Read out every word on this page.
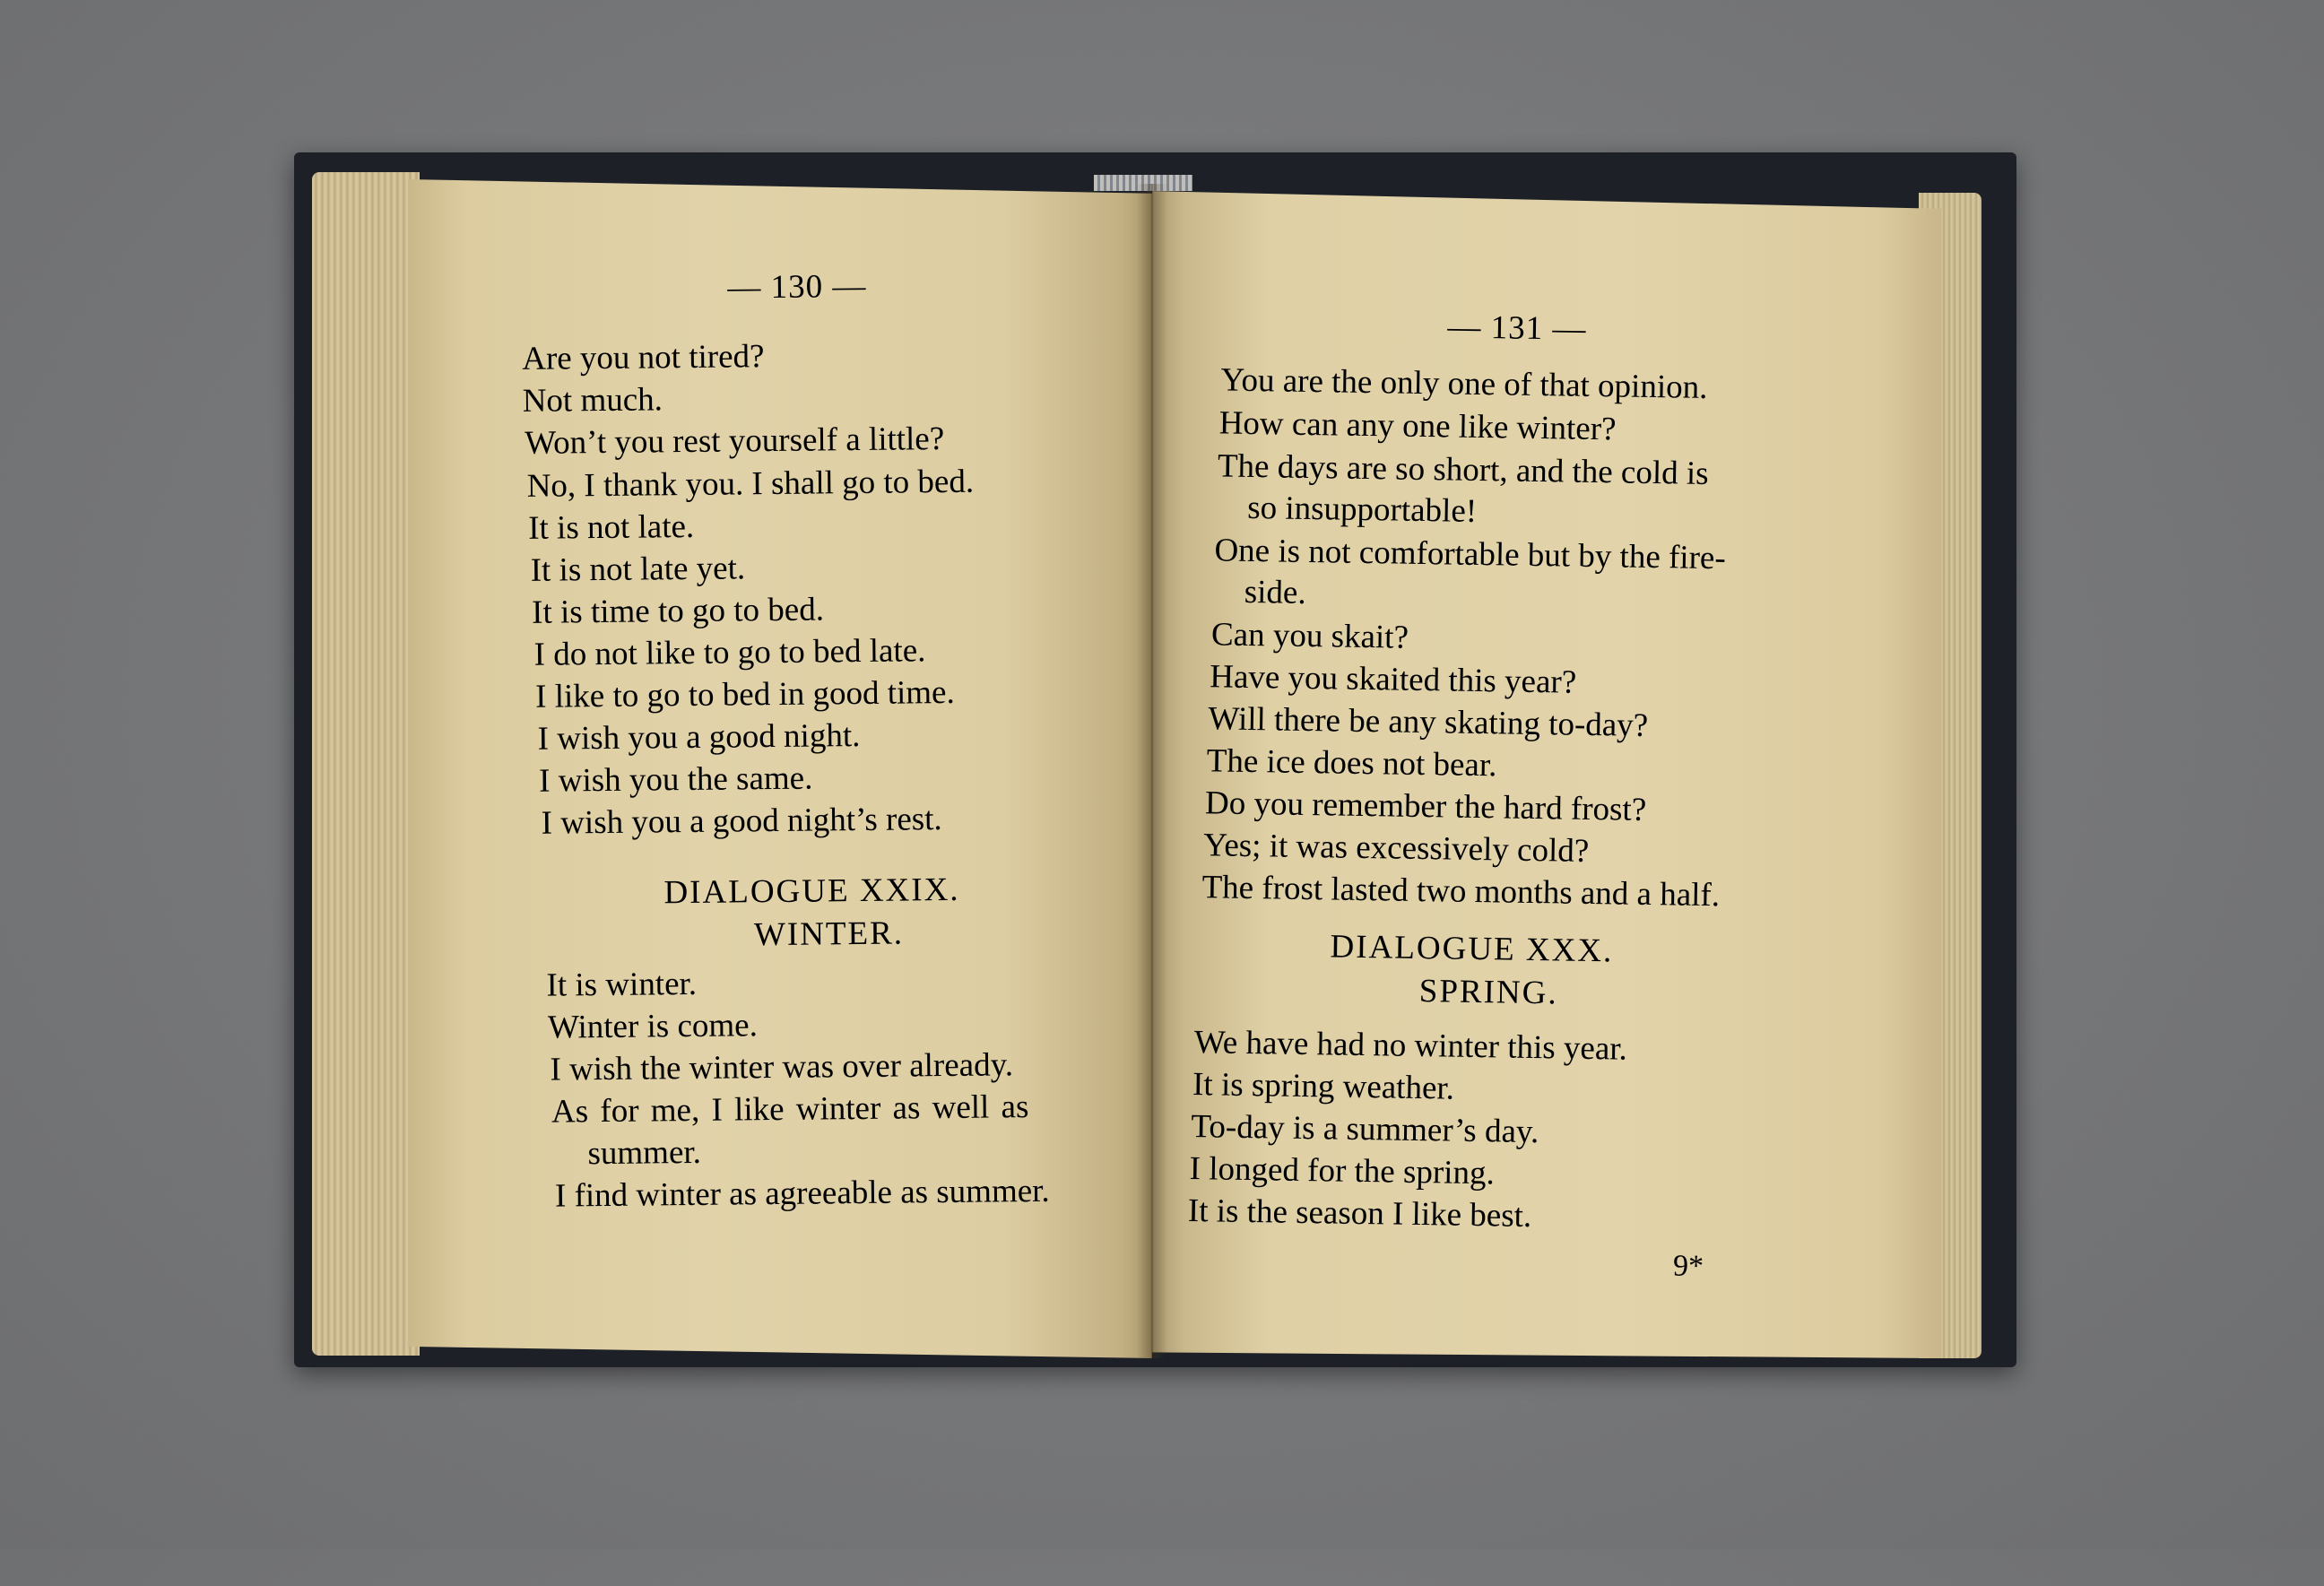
— 130 —
Are you not tired?
Not much.
Won’t you rest yourself a little?
No, I thank you. I shall go to bed.
It is not late.
It is not late yet.
It is time to go to bed.
I do not like to go to bed late.
I like to go to bed in good time.
I wish you a good night.
I wish you the same.
I wish you a good night’s rest.
DIALOGUE XXIX.
WINTER.
It is winter.
Winter is come.
I wish the winter was over already.
As for me, I like winter as well as
summer.
I find winter as agreeable as summer.
— 131 —
You are the only one of that opinion.
How can any one like winter?
The days are so short, and the cold is
so insupportable!
One is not comfortable but by the fire-
side.
Can you skait?
Have you skaited this year?
Will there be any skating to-day?
The ice does not bear.
Do you remember the hard frost?
Yes; it was excessively cold?
The frost lasted two months and a half.
DIALOGUE XXX.
SPRING.
We have had no winter this year.
It is spring weather.
To-day is a summer’s day.
I longed for the spring.
It is the season I like best.
9*
